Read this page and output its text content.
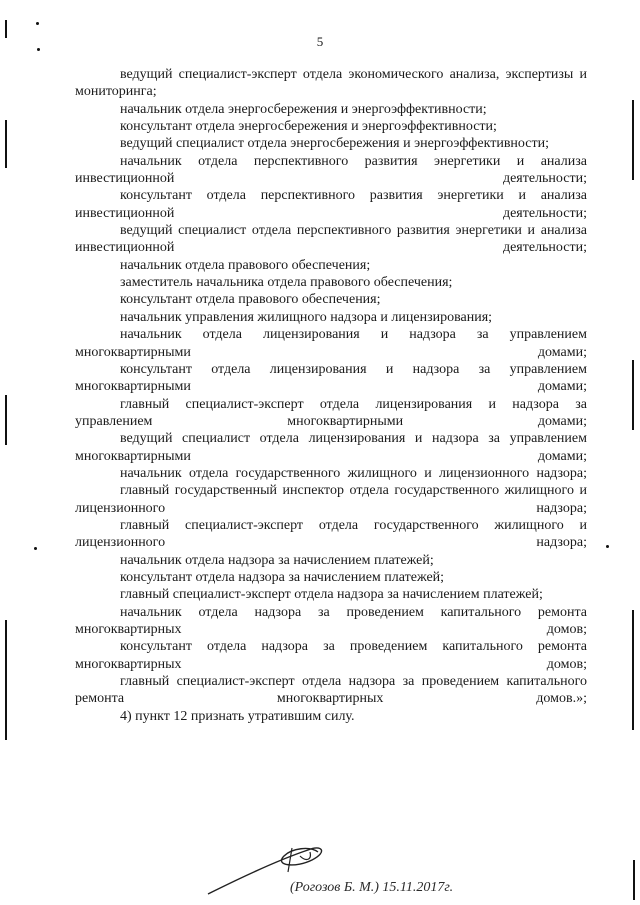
5

ведущий специалист-эксперт отдела экономического анализа, экспертизы и мониторинга;

начальник отдела энергосбережения и энергоэффективности;

консультант отдела энергосбережения и энергоэффективности;

ведущий специалист отдела энергосбережения и энергоэффективности;

начальник отдела перспективного развития энергетики и анализа инвестиционной деятельности;

консультант отдела перспективного развития энергетики и анализа инвестиционной деятельности;

ведущий специалист отдела перспективного развития энергетики и анализа инвестиционной деятельности;

начальник отдела правового обеспечения;

заместитель начальника отдела правового обеспечения;

консультант отдела правового обеспечения;

начальник управления жилищного надзора и лицензирования;

начальник отдела лицензирования и надзора за управлением многоквартирными домами;

консультант отдела лицензирования и надзора за управлением многоквартирными домами;

главный специалист-эксперт отдела лицензирования и надзора за управлением многоквартирными домами;

ведущий специалист отдела лицензирования и надзора за управлением многоквартирными домами;

начальник отдела государственного жилищного и лицензионного надзора;

главный государственный инспектор отдела государственного жилищного и лицензионного надзора;

главный специалист-эксперт отдела государственного жилищного и лицензионного надзора;

начальник отдела надзора за начислением платежей;

консультант отдела надзора за начислением платежей;

главный специалист-эксперт отдела надзора за начислением платежей;

начальник отдела надзора за проведением капитального ремонта многоквартирных домов;

консультант отдела надзора за проведением капитального ремонта многоквартирных домов;

главный специалист-эксперт отдела надзора за проведением капитального ремонта многоквартирных домов.»;

4) пункт 12 признать утратившим силу.

(Рогозов Б. М.) 15.11.2017г.
